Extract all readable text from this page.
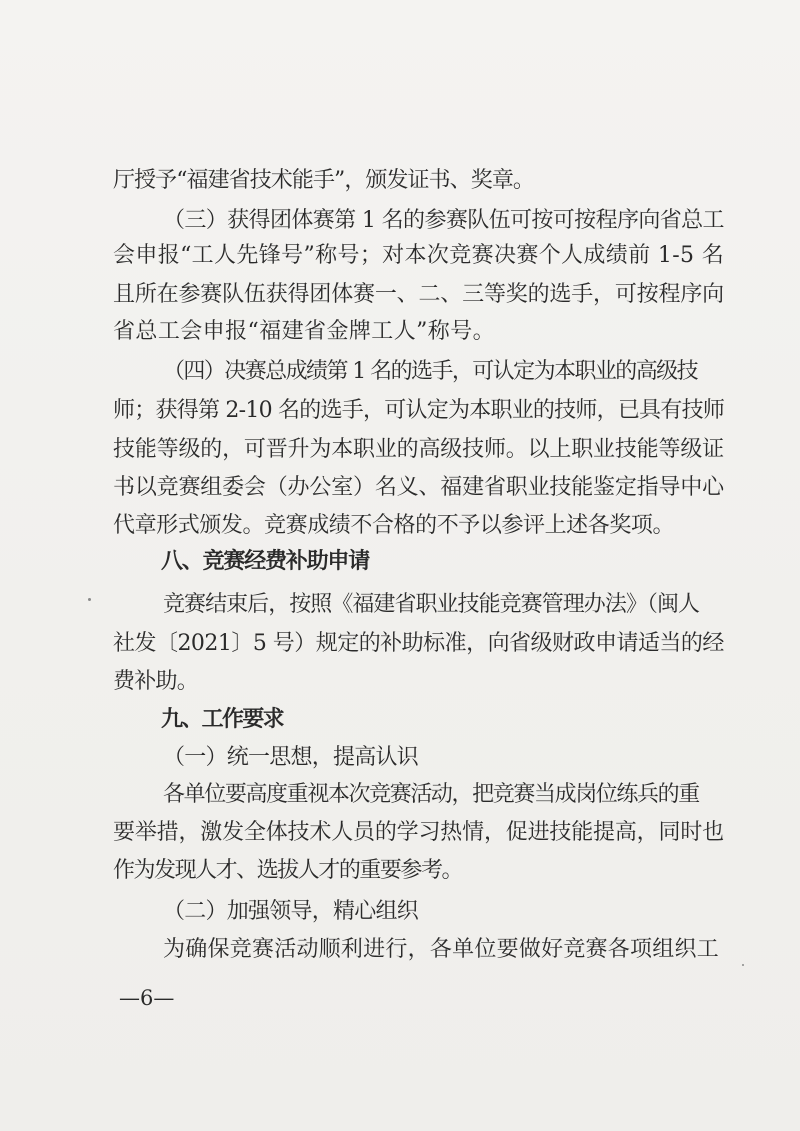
厅授予“福建省技术能手”，颁发证书、奖章。
（三）获得团体赛第 1 名的参赛队伍可按可按程序向省总工
会申报“工人先锋号”称号；对本次竞赛决赛个人成绩前 1-5 名
且所在参赛队伍获得团体赛一、二、三等奖的选手，可按程序向
省总工会申报“福建省金牌工人”称号。
（四）决赛总成绩第 1 名的选手，可认定为本职业的高级技
师；获得第 2-10 名的选手，可认定为本职业的技师，已具有技师
技能等级的，可晋升为本职业的高级技师。以上职业技能等级证
书以竞赛组委会（办公室）名义、福建省职业技能鉴定指导中心
代章形式颁发。竞赛成绩不合格的不予以参评上述各奖项。
八、竞赛经费补助申请
竞赛结束后，按照《福建省职业技能竞赛管理办法》（闽人
社发〔2021〕5 号）规定的补助标准，向省级财政申请适当的经
费补助。
九、工作要求
（一）统一思想，提高认识
各单位要高度重视本次竞赛活动，把竞赛当成岗位练兵的重
要举措，激发全体技术人员的学习热情，促进技能提高，同时也
作为发现人才、选拔人才的重要参考。
（二）加强领导，精心组织
为确保竞赛活动顺利进行，各单位要做好竞赛各项组织工
—6—
